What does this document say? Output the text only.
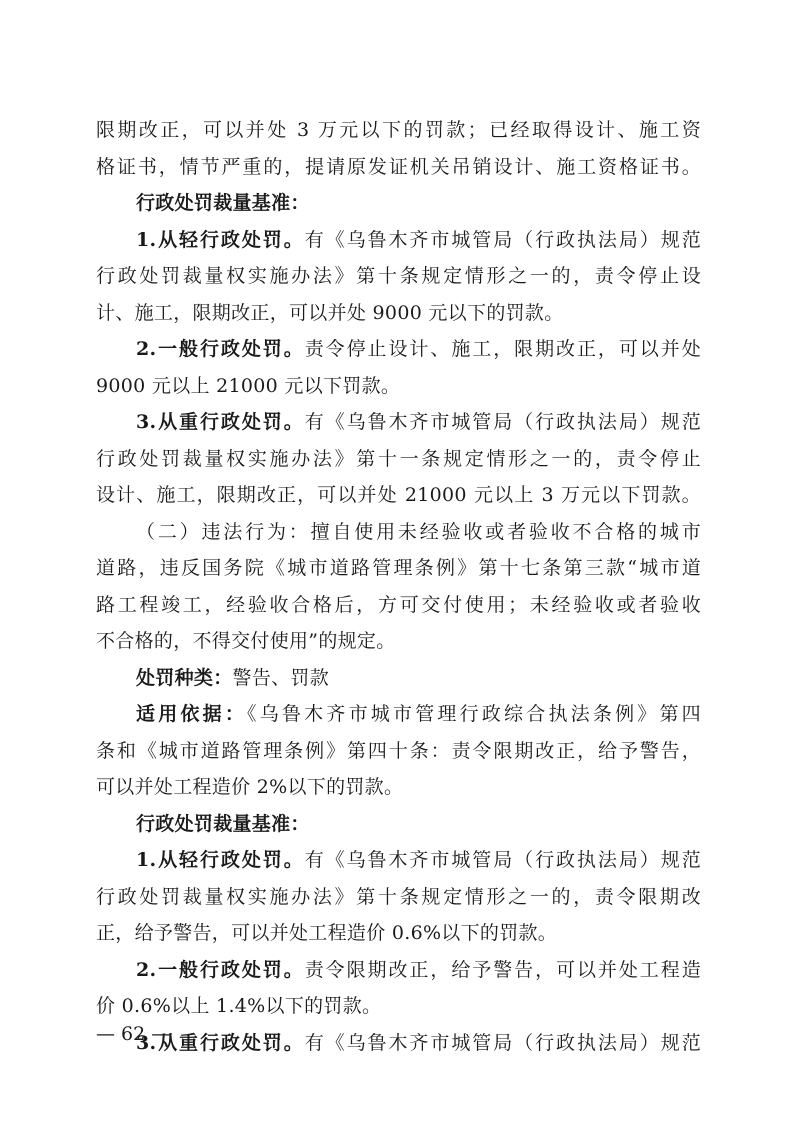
限期改正，可以并处 3 万元以下的罚款；已经取得设计、施工资
格证书，情节严重的，提请原发证机关吊销设计、施工资格证书。
行政处罚裁量基准：
1.从轻行政处罚。有《乌鲁木齐市城管局（行政执法局）规范
行政处罚裁量权实施办法》第十条规定情形之一的，责令停止设
计、施工，限期改正，可以并处 9000 元以下的罚款。
2.一般行政处罚。责令停止设计、施工，限期改正，可以并处
9000 元以上 21000 元以下罚款。
3.从重行政处罚。有《乌鲁木齐市城管局（行政执法局）规范
行政处罚裁量权实施办法》第十一条规定情形之一的，责令停止
设计、施工，限期改正，可以并处 21000 元以上 3 万元以下罚款。
（二）违法行为：擅自使用未经验收或者验收不合格的城市
道路，违反国务院《城市道路管理条例》第十七条第三款“城市道
路工程竣工，经验收合格后，方可交付使用；未经验收或者验收
不合格的，不得交付使用”的规定。
处罚种类：警告、罚款
适用依据：《乌鲁木齐市城市管理行政综合执法条例》第四
条和《城市道路管理条例》第四十条：责令限期改正，给予警告，
可以并处工程造价 2%以下的罚款。
行政处罚裁量基准：
1.从轻行政处罚。有《乌鲁木齐市城管局（行政执法局）规范
行政处罚裁量权实施办法》第十条规定情形之一的，责令限期改
正，给予警告，可以并处工程造价 0.6%以下的罚款。
2.一般行政处罚。责令限期改正，给予警告，可以并处工程造
价 0.6%以上 1.4%以下的罚款。
3.从重行政处罚。有《乌鲁木齐市城管局（行政执法局）规范
— 62 —
